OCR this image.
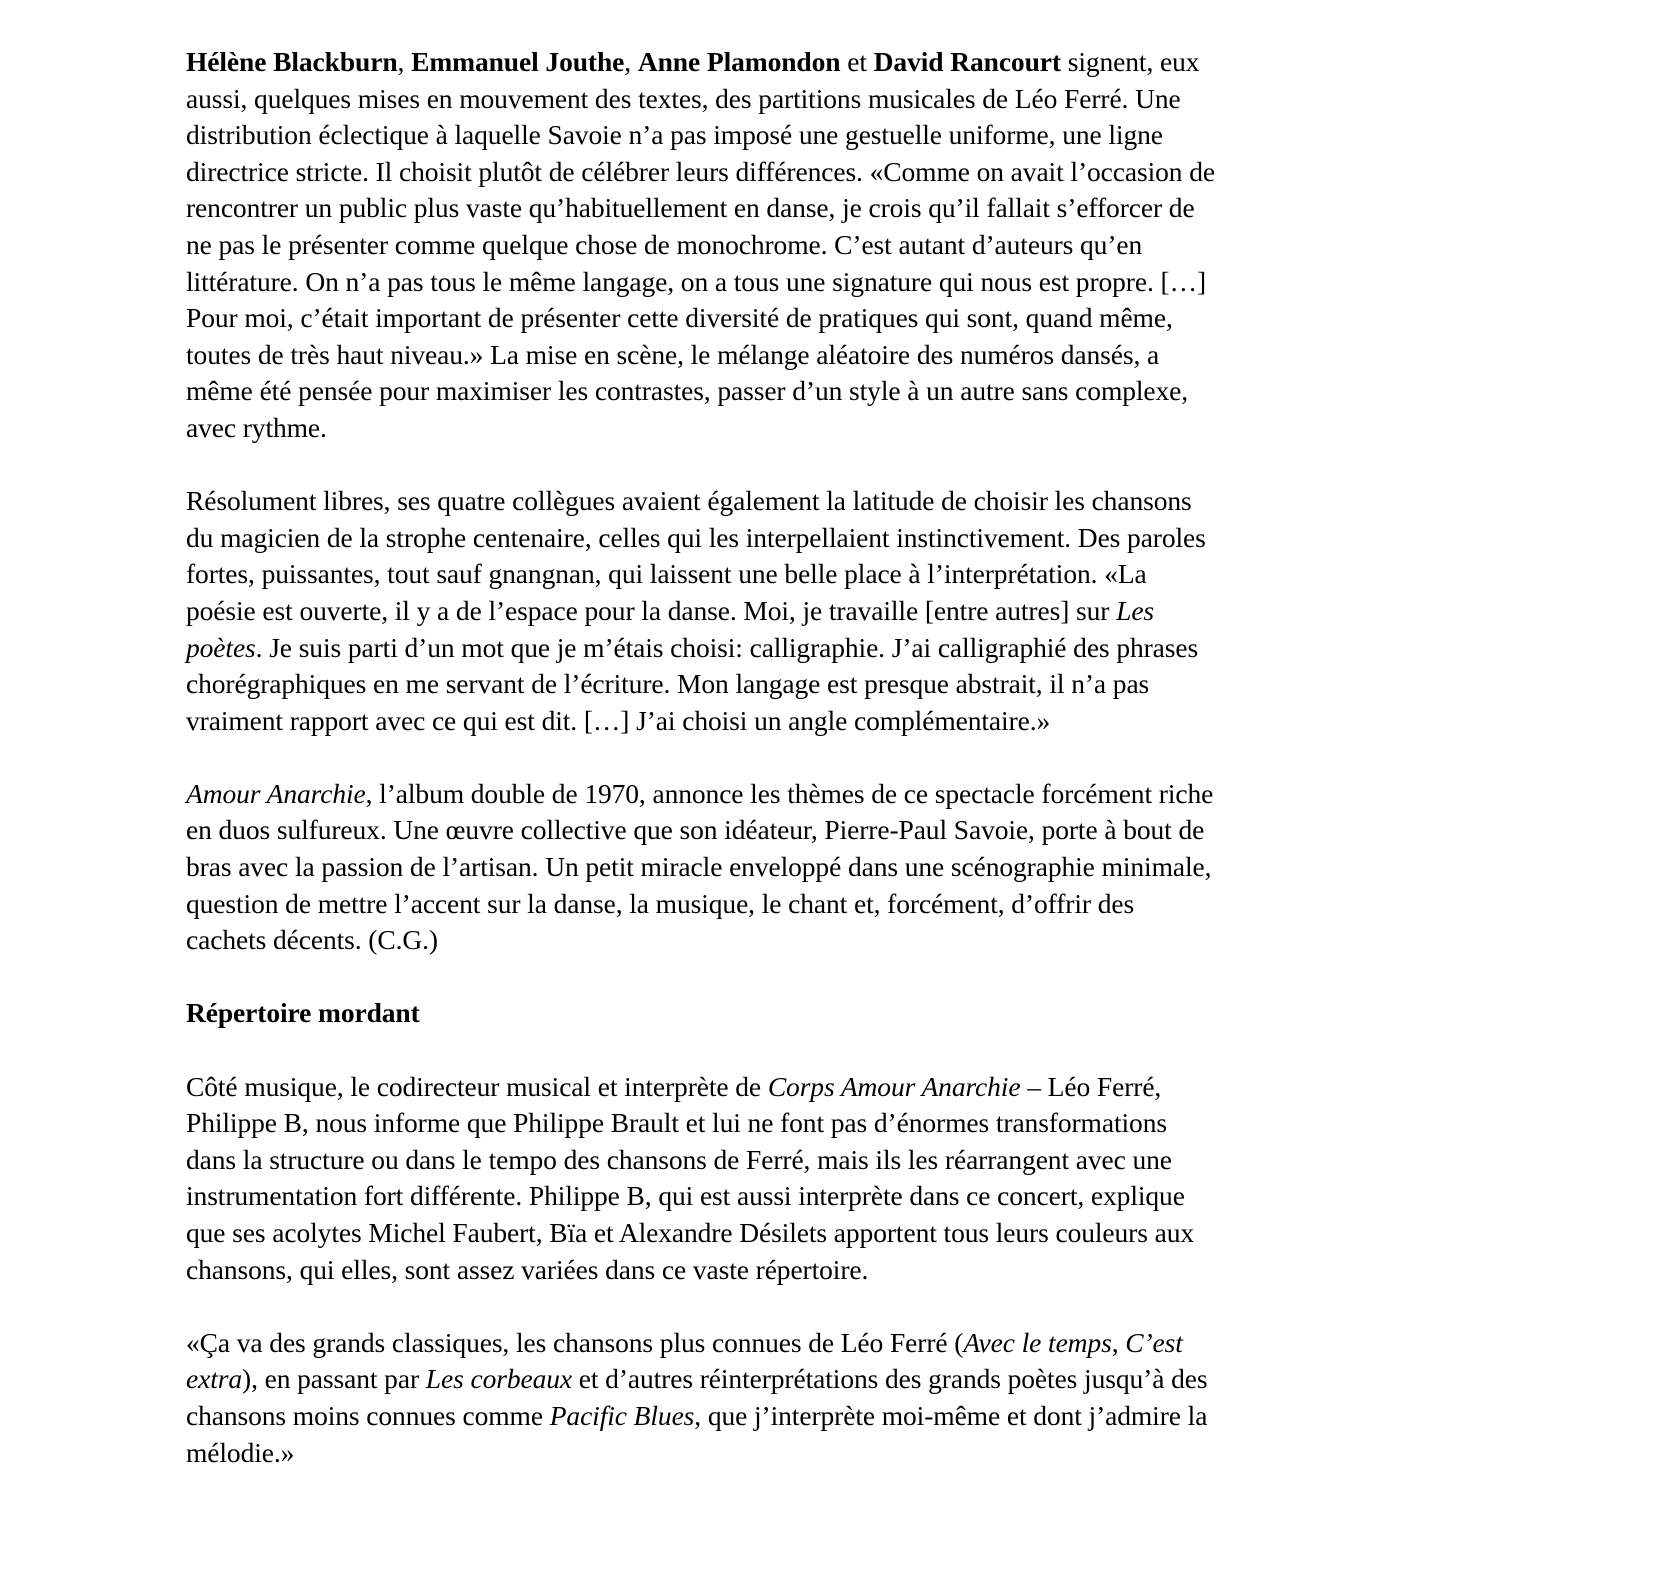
Hélène Blackburn, Emmanuel Jouthe, Anne Plamondon et David Rancourt signent, eux
aussi, quelques mises en mouvement des textes, des partitions musicales de Léo Ferré. Une
distribution éclectique à laquelle Savoie n’a pas imposé une gestuelle uniforme, une ligne
directrice stricte. Il choisit plutôt de célébrer leurs différences. «Comme on avait l’occasion de
rencontrer un public plus vaste qu’habituellement en danse, je crois qu’il fallait s’efforcer de
ne pas le présenter comme quelque chose de monochrome. C’est autant d’auteurs qu’en
littérature. On n’a pas tous le même langage, on a tous une signature qui nous est propre. […]
Pour moi, c’était important de présenter cette diversité de pratiques qui sont, quand même,
toutes de très haut niveau.» La mise en scène, le mélange aléatoire des numéros dansés, a
même été pensée pour maximiser les contrastes, passer d’un style à un autre sans complexe,
avec rythme.
Résolument libres, ses quatre collègues avaient également la latitude de choisir les chansons
du magicien de la strophe centenaire, celles qui les interpellaient instinctivement. Des paroles
fortes, puissantes, tout sauf gnangnan, qui laissent une belle place à l’interprétation. «La
poésie est ouverte, il y a de l’espace pour la danse. Moi, je travaille [entre autres] sur Les
poètes. Je suis parti d’un mot que je m’étais choisi: calligraphie. J’ai calligraphié des phrases
chorégraphiques en me servant de l’écriture. Mon langage est presque abstrait, il n’a pas
vraiment rapport avec ce qui est dit. […] J’ai choisi un angle complémentaire.»
Amour Anarchie, l’album double de 1970, annonce les thèmes de ce spectacle forcément riche
en duos sulfureux. Une œuvre collective que son idéateur, Pierre-Paul Savoie, porte à bout de
bras avec la passion de l’artisan. Un petit miracle enveloppé dans une scénographie minimale,
question de mettre l’accent sur la danse, la musique, le chant et, forcément, d’offrir des
cachets décents. (C.G.)
Répertoire mordant
Côté musique, le codirecteur musical et interprète de Corps Amour Anarchie – Léo Ferré,
Philippe B, nous informe que Philippe Brault et lui ne font pas d’énormes transformations
dans la structure ou dans le tempo des chansons de Ferré, mais ils les réarrangent avec une
instrumentation fort différente. Philippe B, qui est aussi interprète dans ce concert, explique
que ses acolytes Michel Faubert, Bïa et Alexandre Désilets apportent tous leurs couleurs aux
chansons, qui elles, sont assez variées dans ce vaste répertoire.
«Ça va des grands classiques, les chansons plus connues de Léo Ferré (Avec le temps, C’est
extra), en passant par Les corbeaux et d’autres réinterprétations des grands poètes jusqu’à des
chansons moins connues comme Pacific Blues, que j’interprète moi-même et dont j’admire la
mélodie.»
